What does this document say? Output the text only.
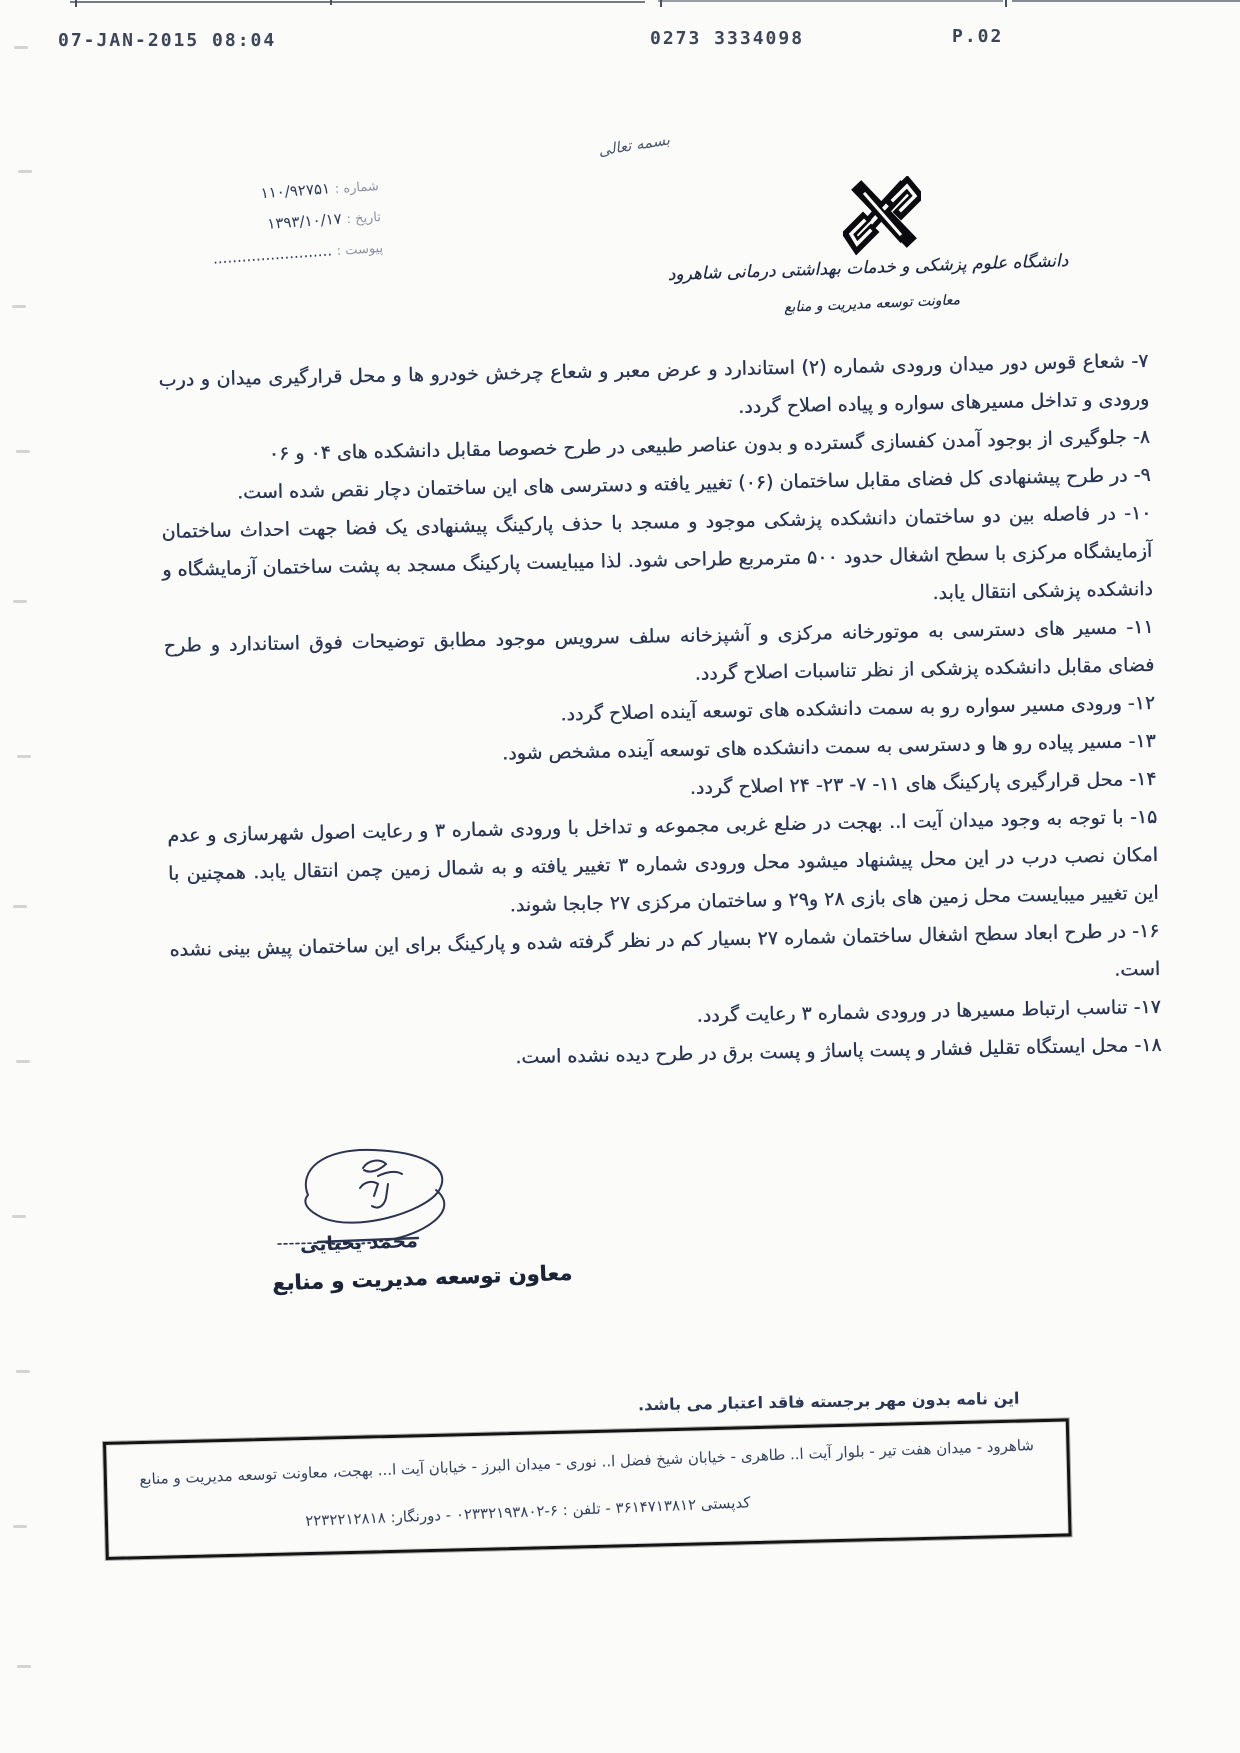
07-JAN-2015 08:04	0273 3334098	P.02
بسمه تعالی
شماره : ۱۱۰/۹۲۷۵۱
تاریخ : ۱۳۹۳/۱۰/۱۷
پیوست : .........................	دانشگاه علوم پزشکی و خدمات بهداشتی درمانی شاهرود
معاونت توسعه مدیریت و منابع

۷- شعاع قوس دور میدان ورودی شماره (۲) استاندارد و عرض معبر و شعاع چرخش خودرو ها و محل قرارگیری میدان و درب ورودی و تداخل مسیرهای سواره و پیاده اصلاح گردد.

۸- جلوگیری از بوجود آمدن کفسازی گسترده و بدون عناصر طبیعی در طرح خصوصا مقابل دانشکده های ۰۴ و ۰۶

۹- در طرح پیشنهادی کل فضای مقابل ساختمان (۰۶) تغییر یافته و دسترسی های این ساختمان دچار نقص شده است.

۱۰- در فاصله بین دو ساختمان دانشکده پزشکی موجود و مسجد با حذف پارکینگ پیشنهادی یک فضا جهت احداث ساختمان آزمایشگاه مرکزی با سطح اشغال حدود ۵۰۰ مترمربع طراحی شود. لذا میبایست پارکینگ مسجد به پشت ساختمان آزمایشگاه و دانشکده پزشکی انتقال یابد.

۱۱- مسیر های دسترسی به موتورخانه مرکزی و آشپزخانه سلف سرویس موجود مطابق توضیحات فوق استاندارد و طرح فضای مقابل دانشکده پزشکی از نظر تناسبات اصلاح گردد.

۱۲- ورودی مسیر سواره رو به سمت دانشکده های توسعه آینده اصلاح گردد.

۱۳- مسیر پیاده رو ها و دسترسی به سمت دانشکده های توسعه آینده مشخص شود.

۱۴- محل قرارگیری پارکینگ های ۱۱- ۷- ۲۳- ۲۴ اصلاح گردد.

۱۵- با توجه به وجود میدان آیت ا.. بهجت در ضلع غربی مجموعه و تداخل با ورودی شماره ۳ و رعایت اصول شهرسازی و عدم امکان نصب درب در این محل پیشنهاد میشود محل ورودی شماره ۳ تغییر یافته و به شمال زمین چمن انتقال یابد. همچنین با این تغییر میبایست محل زمین های بازی ۲۸ و۲۹ و ساختمان مرکزی ۲۷ جابجا شوند.

۱۶- در طرح ابعاد سطح اشغال ساختمان شماره ۲۷ بسیار کم در نظر گرفته شده و پارکینگ برای این ساختمان پیش بینی نشده است.

۱۷- تناسب ارتباط مسیرها در ورودی شماره ۳ رعایت گردد.

۱۸- محل ایستگاه تقلیل فشار و پست پاساژ و پست برق در طرح دیده نشده است.

محمد یحیایی
معاون توسعه مدیریت و منابع
این نامه بدون مهر برجسته فاقد اعتبار می باشد.
شاهرود - میدان هفت تیر - بلوار آیت ا.. طاهری - خیابان شیخ فضل ا.. نوری - میدان البرز - خیابان آیت ا... بهجت، معاونت توسعه مدیریت و منابع
کدپستی ۳۶۱۴۷۱۳۸۱۲ - تلفن : ۶-۰۲۳۳۲۱۹۳۸۰۲ - دورنگار: ۲۲۳۲۲۱۲۸۱۸
